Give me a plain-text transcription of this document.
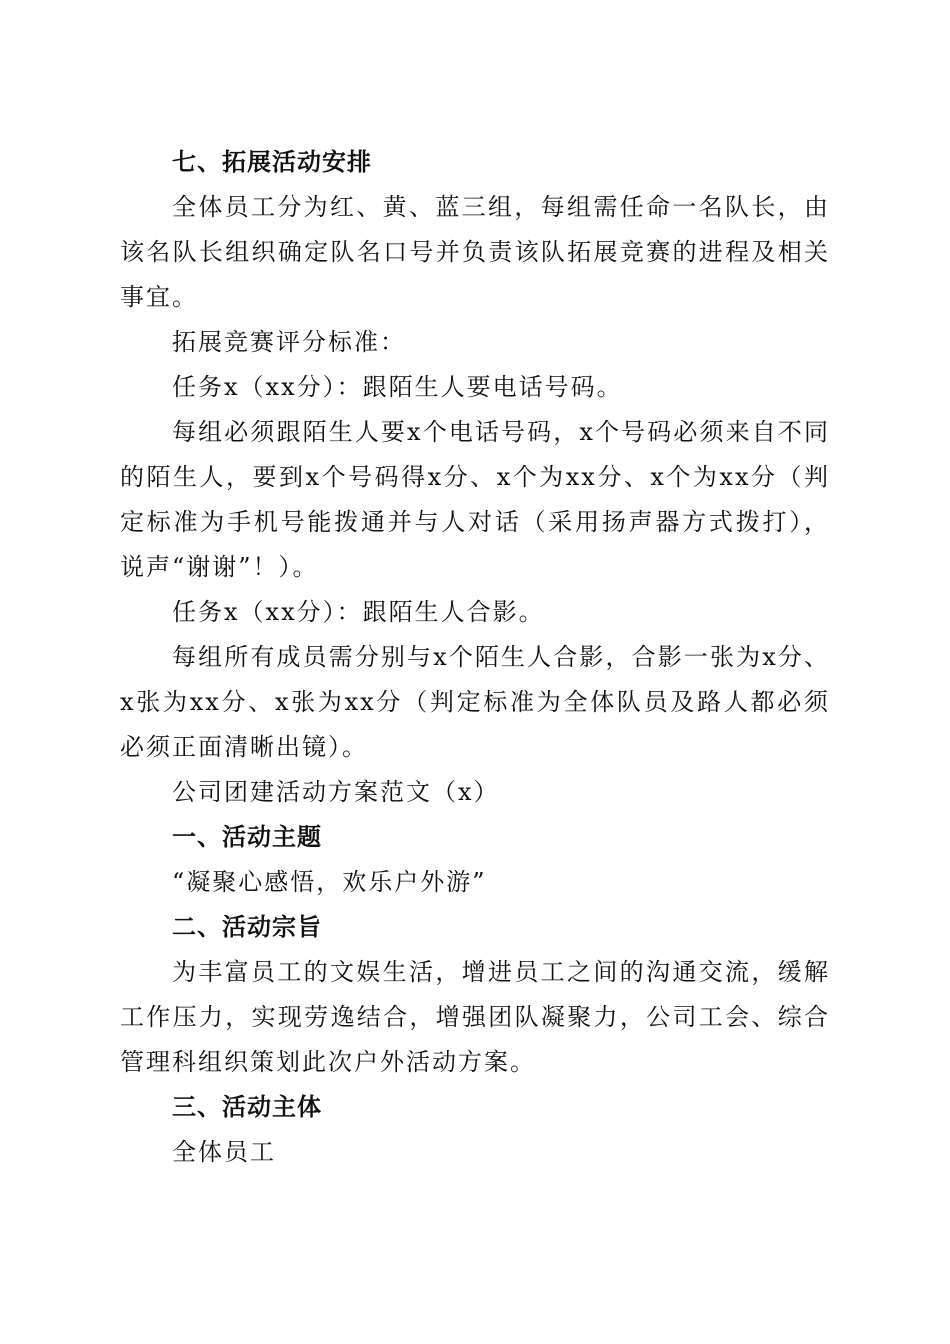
七、拓展活动安排

全体员工分为红、黄、蓝三组，每组需任命一名队长，由该名队长组织确定队名口号并负责该队拓展竞赛的进程及相关事宜。

拓展竞赛评分标准：

任务x（xx分）：跟陌生人要电话号码。

每组必须跟陌生人要x个电话号码，x个号码必须来自不同的陌生人，要到x个号码得x分、x个为xx分、x个为xx分（判定标准为手机号能拨通并与人对话（采用扬声器方式拨打），说声“谢谢”！）。

任务x（xx分）：跟陌生人合影。

每组所有成员需分别与x个陌生人合影，合影一张为x分、x张为xx分、x张为xx分（判定标准为全体队员及路人都必须必须正面清晰出镜）。

公司团建活动方案范文（x）

一、活动主题

“凝聚心感悟，欢乐户外游”

二、活动宗旨

为丰富员工的文娱生活，增进员工之间的沟通交流，缓解工作压力，实现劳逸结合，增强团队凝聚力，公司工会、综合管理科组织策划此次户外活动方案。

三、活动主体

全体员工
